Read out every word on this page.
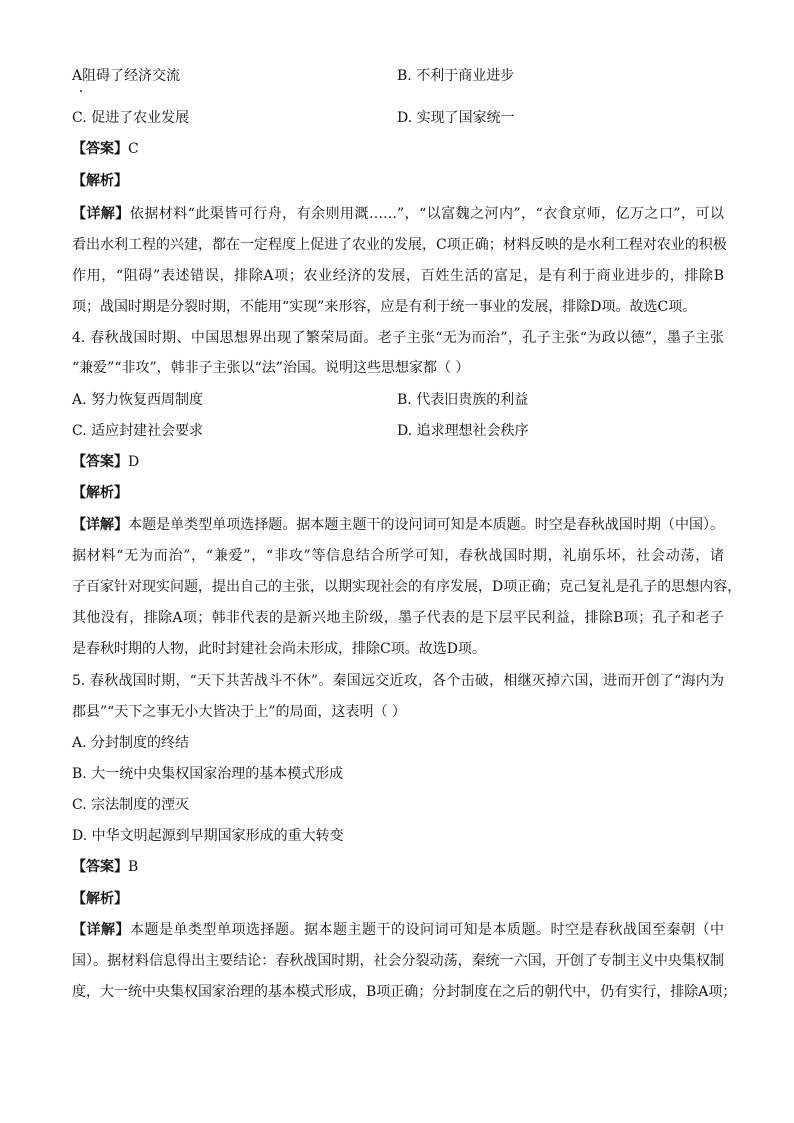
A阻碍了经济交流	B. 不利于商业进步
C. 促进了农业发展	D. 实现了国家统一
【答案】C
【解析】
【详解】依据材料“此渠皆可行舟，有余则用溉……”，“以富魏之河内”，“衣食京师，亿万之口”，可以
看出水利工程的兴建，都在一定程度上促进了农业的发展，C项正确；材料反映的是水利工程对农业的积极
作用，“阻碍”表述错误，排除A项；农业经济的发展，百姓生活的富足，是有利于商业进步的，排除B
项；战国时期是分裂时期，不能用“实现”来形容，应是有利于统一事业的发展，排除D项。故选C项。
4. 春秋战国时期、中国思想界出现了繁荣局面。老子主张“无为而治”，孔子主张“为政以德”，墨子主张
“兼爱”“非攻”，韩非子主张以“法”治国。说明这些思想家都（ ）
A. 努力恢复西周制度	B. 代表旧贵族的利益
C. 适应封建社会要求	D. 追求理想社会秩序
【答案】D
【解析】
【详解】本题是单类型单项选择题。据本题主题干的设问词可知是本质题。时空是春秋战国时期（中国）。
据材料“无为而治”，“兼爱”，“非攻”等信息结合所学可知，春秋战国时期，礼崩乐坏，社会动荡，诸
子百家针对现实问题，提出自己的主张，以期实现社会的有序发展，D项正确；克己复礼是孔子的思想内容，
其他没有，排除A项；韩非代表的是新兴地主阶级，墨子代表的是下层平民利益，排除B项；孔子和老子
是春秋时期的人物，此时封建社会尚未形成，排除C项。故选D项。
5. 春秋战国时期，“天下共苦战斗不休”。秦国远交近攻，各个击破，相继灭掉六国，进而开创了“海内为
郡县”“天下之事无小大皆决于上”的局面，这表明（ ）
A. 分封制度的终结
B. 大一统中央集权国家治理的基本模式形成
C. 宗法制度的湮灭
D. 中华文明起源到早期国家形成的重大转变
【答案】B
【解析】
【详解】本题是单类型单项选择题。据本题主题干的设问词可知是本质题。时空是春秋战国至秦朝（中
国）。据材料信息得出主要结论：春秋战国时期，社会分裂动荡，秦统一六国，开创了专制主义中央集权制
度，大一统中央集权国家治理的基本模式形成，B项正确；分封制度在之后的朝代中，仍有实行，排除A项；
